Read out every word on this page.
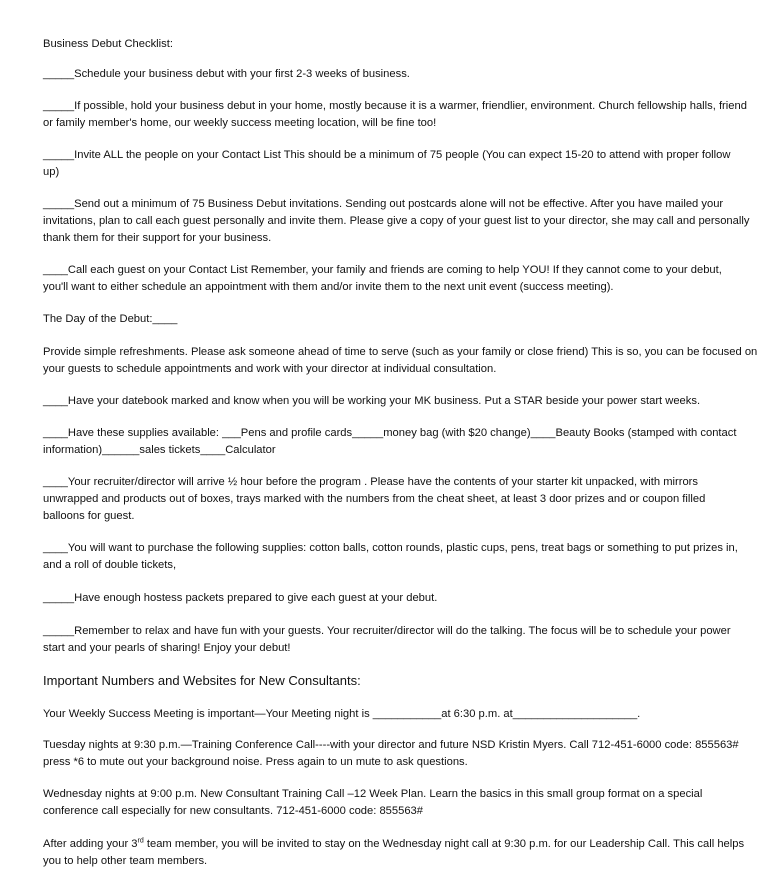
Business Debut Checklist:
_____Schedule your business debut with your first 2-3 weeks of business.
_____If possible, hold your business debut in your home, mostly because it is a warmer, friendlier, environment. Church fellowship halls, friend
or family member's home, our weekly success meeting location, will be fine too!
_____Invite ALL the people on your Contact List This should be a minimum of 75 people (You can expect 15-20 to attend with proper follow
up)
_____Send out a minimum of 75 Business Debut invitations. Sending out postcards alone will not be effective. After you have mailed your
invitations, plan to call each guest personally and invite them. Please give a copy of your guest list to your director, she may call and personally
thank them for their support for your business.
____Call each guest on your Contact List Remember, your family and friends are coming to help YOU! If they cannot come to your debut,
you'll want to either schedule an appointment with them and/or invite them to the next unit event (success meeting).
The Day of the Debut:____
Provide simple refreshments. Please ask someone ahead of time to serve (such as your family or close friend) This is so, you can be focused on
your guests to schedule appointments and work with your director at individual consultation.
____Have your datebook marked and know when you will be working your MK business. Put a STAR beside your power start weeks.
____Have these supplies available: ___Pens and profile cards_____money bag (with $20 change)____Beauty Books (stamped with contact
information)______sales tickets____Calculator
____Your recruiter/director will arrive ½ hour before the program . Please have the contents of your starter kit unpacked, with mirrors
unwrapped and products out of boxes, trays marked with the numbers from the cheat sheet, at least 3 door prizes and or coupon filled
balloons for guest.
____You will want to purchase the following supplies: cotton balls, cotton rounds, plastic cups, pens, treat bags or something to put prizes in,
and a roll of double tickets,
_____Have enough hostess packets prepared to give each guest at your debut.
_____Remember to relax and have fun with your guests. Your recruiter/director will do the talking. The focus will be to schedule your power
start and your pearls of sharing! Enjoy your debut!
Important Numbers and Websites for New Consultants:
Your Weekly Success Meeting is important—Your Meeting night is ___________at 6:30 p.m. at____________________.
Tuesday nights at 9:30 p.m.—Training Conference Call----with your director and future NSD Kristin Myers. Call 712-451-6000 code: 855563#
press *6 to mute out your background noise. Press again to un mute to ask questions.
Wednesday nights at 9:00 p.m. New Consultant Training Call –12 Week Plan. Learn the basics in this small group format on a special
conference call especially for new consultants. 712-451-6000 code: 855563#
After adding your 3rd team member, you will be invited to stay on the Wednesday night call at 9:30 p.m. for our Leadership Call. This call helps
you to help other team members.
